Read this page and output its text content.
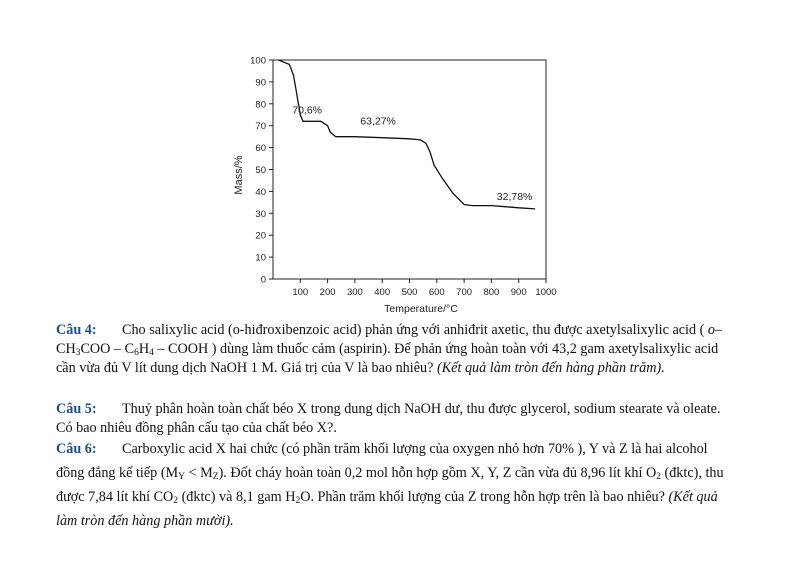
0
10
20
30
40
50
60
70
80
90
100
100 200 300 400 500 600 700 800 900 1000
70,6%
63,27%
32,78%
Mass/%
Temperature/°C
Câu 4: Cho salixylic acid (o-hiđroxibenzoic acid) phản ứng với anhiđrit axetic, thu được axetylsalixylic acid ( $o-CH_3COO - C_6H_4$ – COOH ) dùng làm thuốc cảm (aspirin). Để phản ứng hoàn toàn với 43,2 gam axetylsalixylic acid cần vừa đủ V lít dung dịch NaOH 1 M. Giá trị của V là bao nhiêu? (Kết quả làm tròn đến hàng phần trăm).
Câu 5: Thuỷ phân hoàn toàn chất béo X trong dung dịch NaOH dư, thu được glycerol, sodium stearate và oleate. Có bao nhiêu đồng phân cấu tạo của chất béo X?.
Câu 6: Carboxylic acid X hai chức (có phần trăm khối lượng của oxygen nhỏ hơn 70% ), Y và Z là hai alcohol đồng đẳng kế tiếp $(M_Y < M_Z)$. Đốt cháy hoàn toàn 0,2 mol hỗn hợp gồm X, Y, Z cần vừa đủ 8,96 lít khí $O_2$ (đktc), thu được 7,84 lít khí $CO_2$ (đktc) và 8,1 gam $H_2O$. Phần trăm khối lượng của Z trong hỗn hợp trên là bao nhiêu? (Kết quả làm tròn đến hàng phần mười).
